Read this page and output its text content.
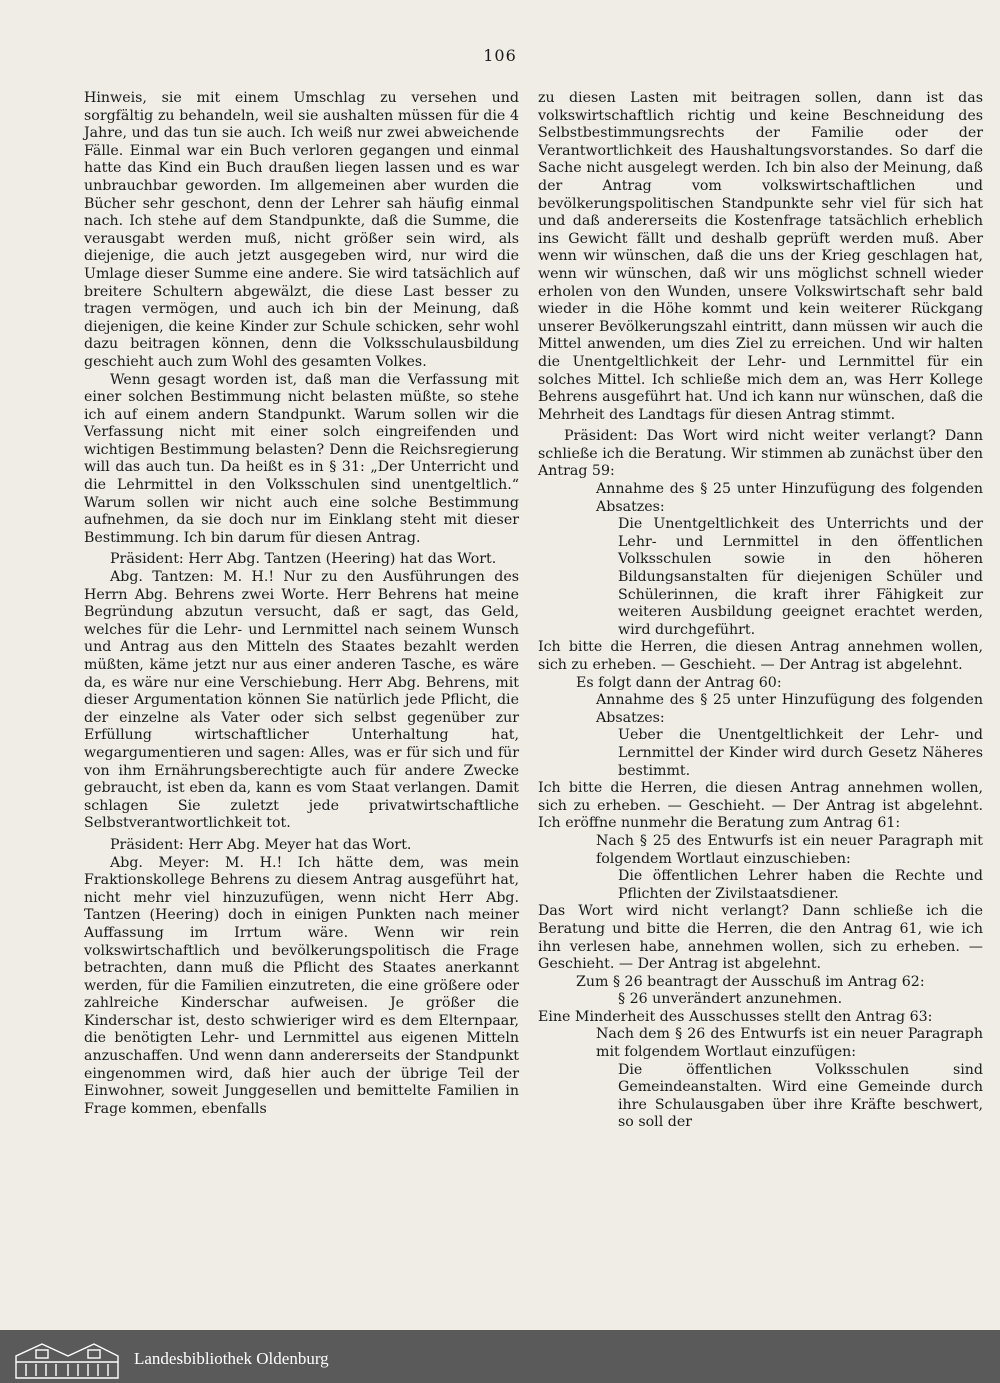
106

Hinweis, sie mit einem Umschlag zu versehen und sorgfältig zu behandeln, weil sie aushalten müssen für die 4 Jahre, und das tun sie auch. Ich weiß nur zwei abweichende Fälle. Einmal war ein Buch verloren gegangen und einmal hatte das Kind ein Buch draußen liegen lassen und es war unbrauchbar geworden. Im allgemeinen aber wurden die Bücher sehr geschont, denn der Lehrer sah häufig einmal nach. Ich stehe auf dem Standpunkte, daß die Summe, die verausgabt werden muß, nicht größer sein wird, als diejenige, die auch jetzt ausgegeben wird, nur wird die Umlage dieser Summe eine andere. Sie wird tatsächlich auf breitere Schultern abgewälzt, die diese Last besser zu tragen vermögen, und auch ich bin der Meinung, daß diejenigen, die keine Kinder zur Schule schicken, sehr wohl dazu beitragen können, denn die Volksschulausbildung geschieht auch zum Wohl des gesamten Volkes.

Wenn gesagt worden ist, daß man die Verfassung mit einer solchen Bestimmung nicht belasten müßte, so stehe ich auf einem andern Standpunkt. Warum sollen wir die Verfassung nicht mit einer solch eingreifenden und wichtigen Bestimmung belasten? Denn die Reichsregierung will das auch tun. Da heißt es in § 31: „Der Unterricht und die Lehrmittel in den Volksschulen sind unentgeltlich.“ Warum sollen wir nicht auch eine solche Bestimmung aufnehmen, da sie doch nur im Einklang steht mit dieser Bestimmung. Ich bin darum für diesen Antrag.

Präsident: Herr Abg. Tantzen (Heering) hat das Wort.

Abg. Tantzen: M. H.! Nur zu den Ausführungen des Herrn Abg. Behrens zwei Worte. Herr Behrens hat meine Begründung abzutun versucht, daß er sagt, das Geld, welches für die Lehr- und Lernmittel nach seinem Wunsch und Antrag aus den Mitteln des Staates bezahlt werden müßten, käme jetzt nur aus einer anderen Tasche, es wäre da, es wäre nur eine Verschiebung. Herr Abg. Behrens, mit dieser Argumentation können Sie natürlich jede Pflicht, die der einzelne als Vater oder sich selbst gegenüber zur Erfüllung wirtschaftlicher Unterhaltung hat, wegargumentieren und sagen: Alles, was er für sich und für von ihm Ernährungsberechtigte auch für andere Zwecke gebraucht, ist eben da, kann es vom Staat verlangen. Damit schlagen Sie zuletzt jede privatwirtschaftliche Selbstverantwortlichkeit tot.

Präsident: Herr Abg. Meyer hat das Wort.

Abg. Meyer: M. H.! Ich hätte dem, was mein Fraktionskollege Behrens zu diesem Antrag ausgeführt hat, nicht mehr viel hinzuzufügen, wenn nicht Herr Abg. Tantzen (Heering) doch in einigen Punkten nach meiner Auffassung im Irrtum wäre. Wenn wir rein volkswirtschaftlich und bevölkerungspolitisch die Frage betrachten, dann muß die Pflicht des Staates anerkannt werden, für die Familien einzutreten, die eine größere oder zahlreiche Kinderschar aufweisen. Je größer die Kinderschar ist, desto schwieriger wird es dem Elternpaar, die benötigten Lehr- und Lernmittel aus eigenen Mitteln anzuschaffen. Und wenn dann andererseits der Standpunkt eingenommen wird, daß hier auch der übrige Teil der Einwohner, soweit Junggesellen und bemittelte Familien in Frage kommen, ebenfalls

zu diesen Lasten mit beitragen sollen, dann ist das volkswirtschaftlich richtig und keine Beschneidung des Selbstbestimmungsrechts der Familie oder der Verantwortlichkeit des Haushaltungsvorstandes. So darf die Sache nicht ausgelegt werden. Ich bin also der Meinung, daß der Antrag vom volkswirtschaftlichen und bevölkerungspolitischen Standpunkte sehr viel für sich hat und daß andererseits die Kostenfrage tatsächlich erheblich ins Gewicht fällt und deshalb geprüft werden muß. Aber wenn wir wünschen, daß die uns der Krieg geschlagen hat, wenn wir wünschen, daß wir uns möglichst schnell wieder erholen von den Wunden, unsere Volkswirtschaft sehr bald wieder in die Höhe kommt und kein weiterer Rückgang unserer Bevölkerungszahl eintritt, dann müssen wir auch die Mittel anwenden, um dies Ziel zu erreichen. Und wir halten die Unentgeltlichkeit der Lehr- und Lernmittel für ein solches Mittel. Ich schließe mich dem an, was Herr Kollege Behrens ausgeführt hat. Und ich kann nur wünschen, daß die Mehrheit des Landtags für diesen Antrag stimmt.

Präsident: Das Wort wird nicht weiter verlangt? Dann schließe ich die Beratung. Wir stimmen ab zunächst über den Antrag 59:

Annahme des § 25 unter Hinzufügung des folgenden Absatzes:

Die Unentgeltlichkeit des Unterrichts und der Lehr- und Lernmittel in den öffentlichen Volksschulen sowie in den höheren Bildungsanstalten für diejenigen Schüler und Schülerinnen, die kraft ihrer Fähigkeit zur weiteren Ausbildung geeignet erachtet werden, wird durchgeführt.

Ich bitte die Herren, die diesen Antrag annehmen wollen, sich zu erheben. — Geschieht. — Der Antrag ist abgelehnt.

Es folgt dann der Antrag 60:

Annahme des § 25 unter Hinzufügung des folgenden Absatzes:

Ueber die Unentgeltlichkeit der Lehr- und Lernmittel der Kinder wird durch Gesetz Näheres bestimmt.

Ich bitte die Herren, die diesen Antrag annehmen wollen, sich zu erheben. — Geschieht. — Der Antrag ist abgelehnt. Ich eröffne nunmehr die Beratung zum Antrag 61:

Nach § 25 des Entwurfs ist ein neuer Paragraph mit folgendem Wortlaut einzuschieben:

Die öffentlichen Lehrer haben die Rechte und Pflichten der Zivilstaatsdiener.

Das Wort wird nicht verlangt? Dann schließe ich die Beratung und bitte die Herren, die den Antrag 61, wie ich ihn verlesen habe, annehmen wollen, sich zu erheben. — Geschieht. — Der Antrag ist abgelehnt.

Zum § 26 beantragt der Ausschuß im Antrag 62:

§ 26 unverändert anzunehmen.

Eine Minderheit des Ausschusses stellt den Antrag 63:

Nach dem § 26 des Entwurfs ist ein neuer Paragraph mit folgendem Wortlaut einzufügen:

Die öffentlichen Volksschulen sind Gemeindeanstalten. Wird eine Gemeinde durch ihre Schulausgaben über ihre Kräfte beschwert, so soll der

Landesbibliothek Oldenburg
